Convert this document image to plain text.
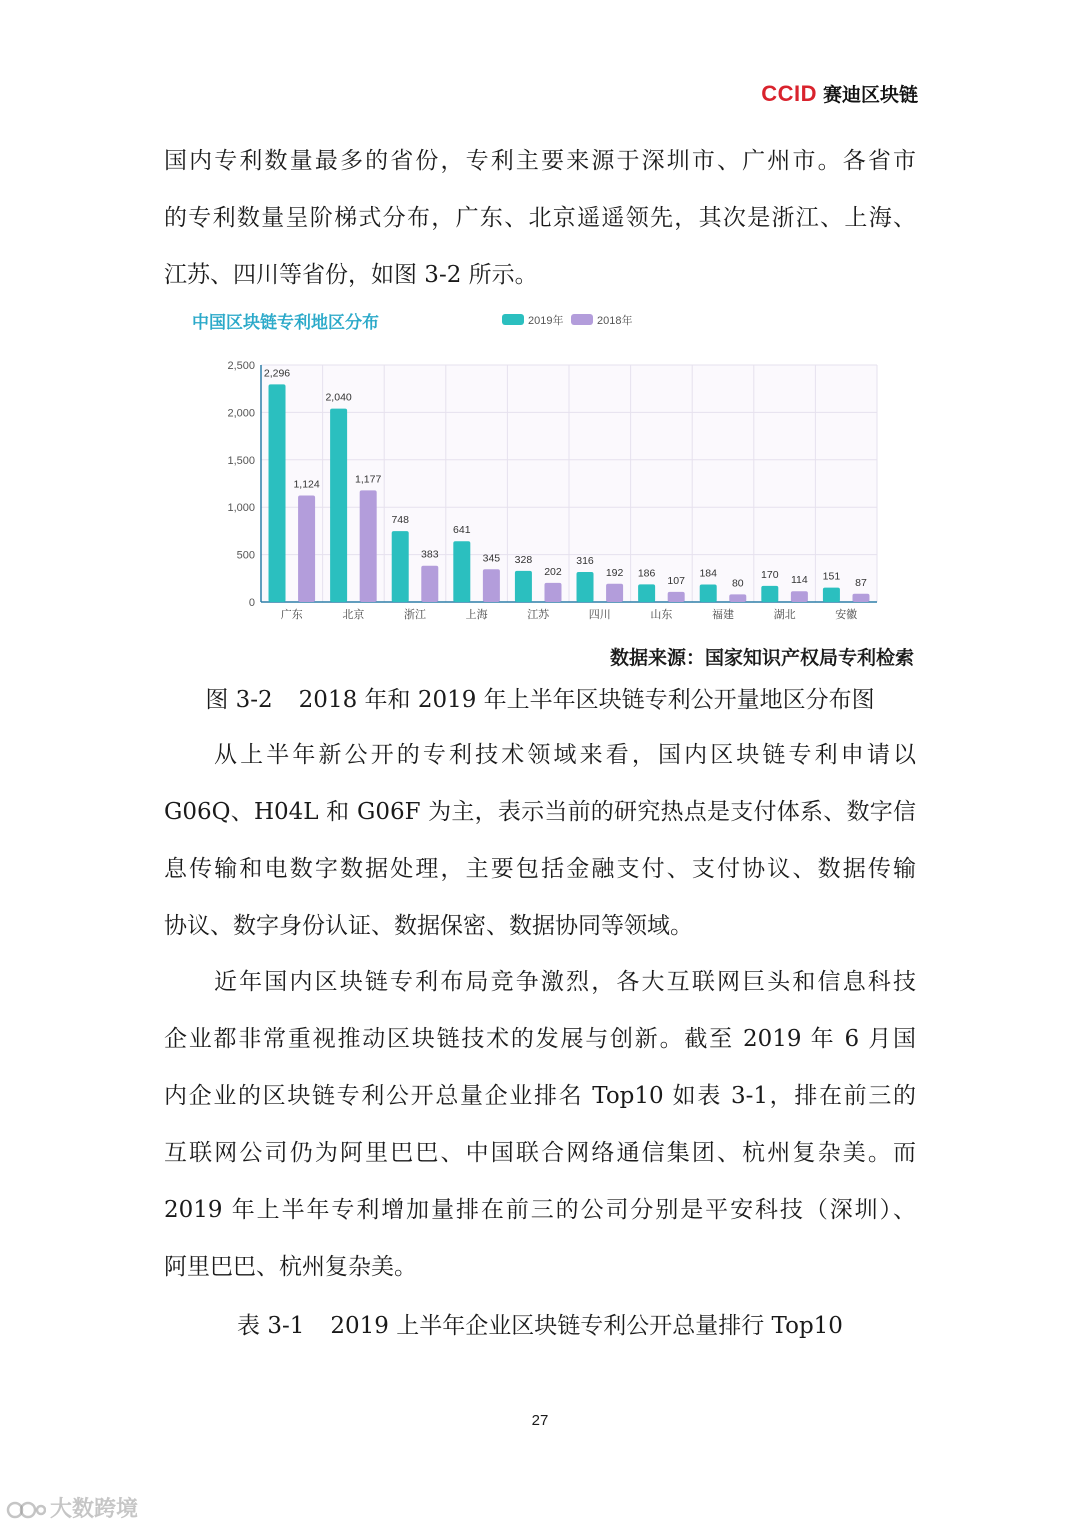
CCID 赛迪区块链
国内专利数量最多的省份，专利主要来源于深圳市、广州市。各省市
的专利数量呈阶梯式分布，广东、北京遥遥领先，其次是浙江、上海、
江苏、四川等省份，如图 3-2 所示。
中国区块链专利地区分布	2019年	2018年
0
500
1,000
1,500
2,000
2,500
2,296
1,124
广东
2,040
1,177
北京
748
383
浙江
641
345
上海
328
202
江苏
316
192
四川
186
107
山东
184
80
福建
170 114
湖北
151
87
安徽
数据来源：国家知识产权局专利检索
图 3-2 2018 年和 2019 年上半年区块链专利公开量地区分布图
从上半年新公开的专利技术领域来看，国内区块链专利申请以
G06Q、H04L 和 G06F 为主，表示当前的研究热点是支付体系、数字信
息传输和电数字数据处理，主要包括金融支付、支付协议、数据传输
协议、数字身份认证、数据保密、数据协同等领域。
近年国内区块链专利布局竞争激烈，各大互联网巨头和信息科技
企业都非常重视推动区块链技术的发展与创新。截至 2019 年 6 月国
内企业的区块链专利公开总量企业排名 Top10 如表 3-1，排在前三的
互联网公司仍为阿里巴巴、中国联合网络通信集团、杭州复杂美。而
2019 年上半年专利增加量排在前三的公司分别是平安科技（深圳）、
阿里巴巴、杭州复杂美。
表 3-1 2019 上半年企业区块链专利公开总量排行 Top10
27
大数跨境
